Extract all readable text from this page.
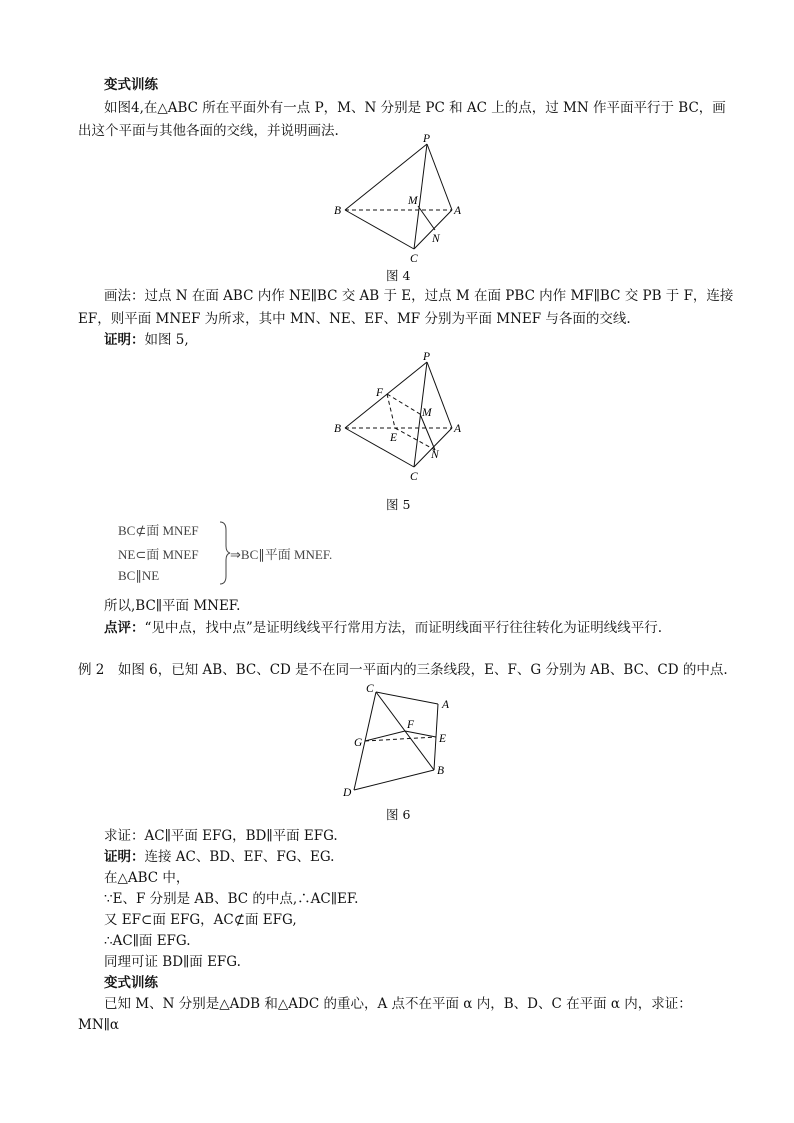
变式训练
如图4,在△ABC 所在平面外有一点 P，M、N 分别是 PC 和 AC 上的点，过 MN 作平面平行于 BC，画
出这个平面与其他各面的交线，并说明画法.	P
B
M
A
N
C
图 4
画法：过点 N 在面 ABC 内作 NE∥BC 交 AB 于 E，过点 M 在面 PBC 内作 MF∥BC 交 PB 于 F，连接
EF，则平面 MNEF 为所求，其中 MN、NE、EF、MF 分别为平面 MNEF 与各面的交线.
证明：如图 5,
P
F
M
B
E
A
N
C
图 5
BC⊄面 MNEF
NE⊂面 MNEF
BC∥NE
⇒BC∥平面 MNEF.
所以,BC∥平面 MNEF.
点评：“见中点，找中点”是证明线线平行常用方法，而证明线面平行往往转化为证明线线平行.
例 2　如图 6，已知 AB、BC、CD 是不在同一平面内的三条线段，E、F、G 分别为 AB、BC、CD 的中点.
C
A
F
G	E
B
D
图 6
求证：AC∥平面 EFG，BD∥平面 EFG.
证明：连接 AC、BD、EF、FG、EG.
在△ABC 中，
∵E、F 分别是 AB、BC 的中点,∴AC∥EF.
又 EF⊂面 EFG，AC⊄面 EFG,
∴AC∥面 EFG.
同理可证 BD∥面 EFG.
变式训练
已知 M、N 分别是△ADB 和△ADC 的重心，A 点不在平面 α 内，B、D、C 在平面 α 内，求证：
MN∥α
